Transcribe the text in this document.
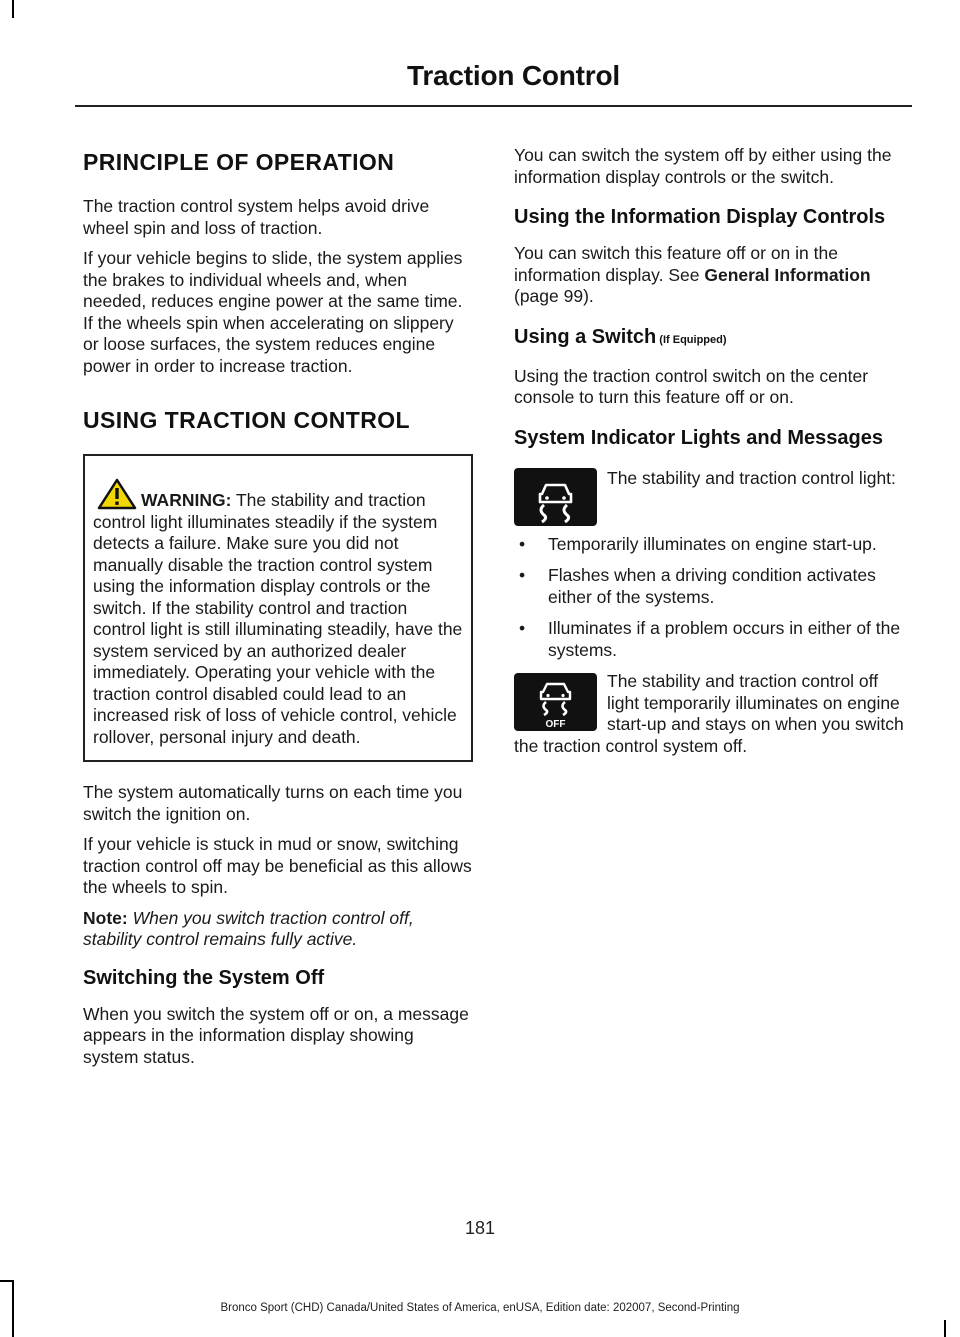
Traction Control
PRINCIPLE OF OPERATION

The traction control system helps avoid drive wheel spin and loss of traction.

If your vehicle begins to slide, the system applies the brakes to individual wheels and, when needed, reduces engine power at the same time. If the wheels spin when accelerating on slippery or loose surfaces, the system reduces engine power in order to increase traction.

USING TRACTION CONTROL

WARNING: The stability and traction control light illuminates steadily if the system detects a failure. Make sure you did not manually disable the traction control system using the information display controls or the switch. If the stability control and traction control light is still illuminating steadily, have the system serviced by an authorized dealer immediately. Operating your vehicle with the traction control disabled could lead to an increased risk of loss of vehicle control, vehicle rollover, personal injury and death.

The system automatically turns on each time you switch the ignition on.

If your vehicle is stuck in mud or snow, switching traction control off may be beneficial as this allows the wheels to spin.

Note: When you switch traction control off, stability control remains fully active.

Switching the System Off

When you switch the system off or on, a message appears in the information display showing system status.

You can switch the system off by either using the information display controls or the switch.

Using the Information Display Controls

You can switch this feature off or on in the information display. See General Information (page 99).

Using a Switch (If Equipped)

Using the traction control switch on the center console to turn this feature off or on.

System Indicator Lights and Messages

The stability and traction control light:

• Temporarily illuminates on engine start-up.
• Flashes when a driving condition activates either of the systems.
• Illuminates if a problem occurs in either of the systems.
OFF

The stability and traction control off light temporarily illuminates on engine start-up and stays on when you switch the traction control system off.

181
Bronco Sport (CHD) Canada/United States of America, enUSA, Edition date: 202007, Second-Printing
